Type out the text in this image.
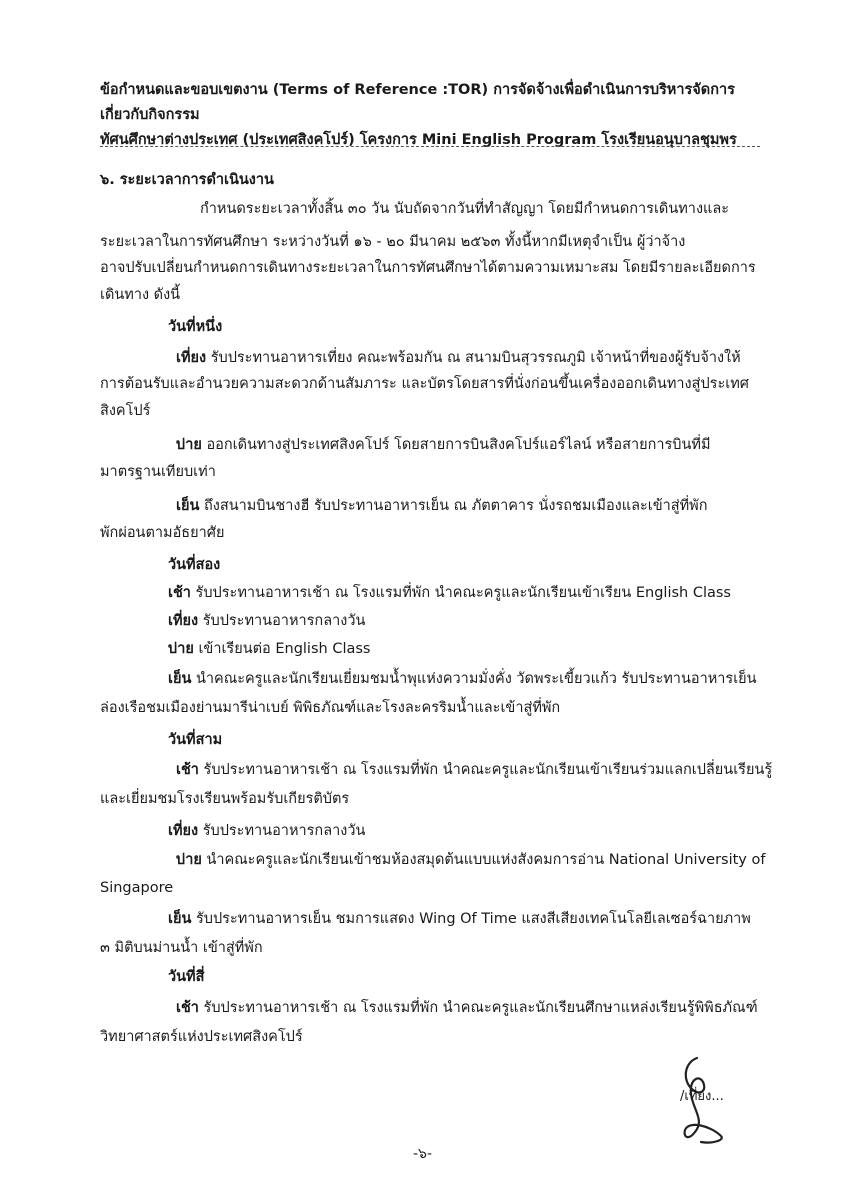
ข้อกำหนดและขอบเขตงาน (Terms of Reference :TOR) การจัดจ้างเพื่อดำเนินการบริหารจัดการเกี่ยวกับกิจกรรม
ทัศนศึกษาต่างประเทศ (ประเทศสิงคโปร์) โครงการ Mini English Program โรงเรียนอนุบาลชุมพร
๖. ระยะเวลาการดำเนินงาน
กำหนดระยะเวลาทั้งสิ้น ๓๐ วัน นับถัดจากวันที่ทำสัญญา โดยมีกำหนดการเดินทางและ
ระยะเวลาในการทัศนศึกษา ระหว่างวันที่ ๑๖ - ๒๐ มีนาคม ๒๕๖๓ ทั้งนี้หากมีเหตุจำเป็น ผู้ว่าจ้าง
อาจปรับเปลี่ยนกำหนดการเดินทางระยะเวลาในการทัศนศึกษาได้ตามความเหมาะสม โดยมีรายละเอียดการ
เดินทาง ดังนี้
วันที่หนึ่ง
เที่ยง รับประทานอาหารเที่ยง คณะพร้อมกัน ณ สนามบินสุวรรณภูมิ เจ้าหน้าที่ของผู้รับจ้างให้
การต้อนรับและอำนวยความสะดวกด้านสัมภาระ และบัตรโดยสารที่นั่งก่อนขึ้นเครื่องออกเดินทางสู่ประเทศ
สิงคโปร์
บ่าย ออกเดินทางสู่ประเทศสิงคโปร์ โดยสายการบินสิงคโปร์แอร์ไลน์ หรือสายการบินที่มี
มาตรฐานเทียบเท่า
เย็น ถึงสนามบินชางฮี รับประทานอาหารเย็น ณ ภัตตาคาร นั่งรถชมเมืองและเข้าสู่ที่พัก
พักผ่อนตามอัธยาศัย
วันที่สอง
เช้า รับประทานอาหารเช้า ณ โรงแรมที่พัก นำคณะครูและนักเรียนเข้าเรียน English Class
เที่ยง รับประทานอาหารกลางวัน
บ่าย เข้าเรียนต่อ English Class
เย็น นำคณะครูและนักเรียนเยี่ยมชมน้ำพุแห่งความมั่งคั่ง วัดพระเขี้ยวแก้ว รับประทานอาหารเย็น
ล่องเรือชมเมืองย่านมารีน่าเบย์ พิพิธภัณฑ์และโรงละครริมน้ำและเข้าสู่ที่พัก
วันที่สาม
เช้า รับประทานอาหารเช้า ณ โรงแรมที่พัก นำคณะครูและนักเรียนเข้าเรียนร่วมแลกเปลี่ยนเรียนรู้
และเยี่ยมชมโรงเรียนพร้อมรับเกียรติบัตร
เที่ยง รับประทานอาหารกลางวัน
บ่าย นำคณะครูและนักเรียนเข้าชมห้องสมุดต้นแบบแห่งสังคมการอ่าน National University of
Singapore
เย็น รับประทานอาหารเย็น ชมการแสดง Wing Of Time แสงสีเสียงเทคโนโลยีเลเซอร์ฉายภาพ
๓ มิติบนม่านน้ำ เข้าสู่ที่พัก
วันที่สี่
เช้า รับประทานอาหารเช้า ณ โรงแรมที่พัก นำคณะครูและนักเรียนศึกษาแหล่งเรียนรู้พิพิธภัณฑ์
วิทยาศาสตร์แห่งประเทศสิงคโปร์
/เที่ยง...
-๖-
